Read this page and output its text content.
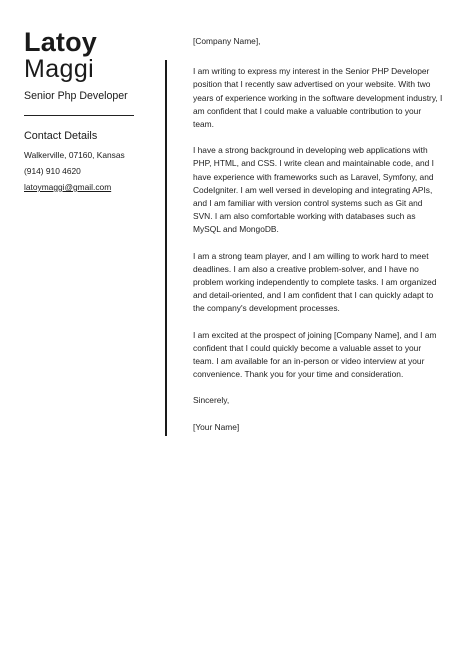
Latoy
Maggi
Senior Php Developer
Contact Details
Walkerville, 07160, Kansas
(914) 910 4620
latoymaggi@gmail.com

[Company Name],

I am writing to express my interest in the Senior PHP Developer position that I recently saw advertised on your website. With two years of experience working in the software development industry, I am confident that I could make a valuable contribution to your team.

I have a strong background in developing web applications with PHP, HTML, and CSS. I write clean and maintainable code, and I have experience with frameworks such as Laravel, Symfony, and CodeIgniter. I am well versed in developing and integrating APIs, and I am familiar with version control systems such as Git and SVN. I am also comfortable working with databases such as MySQL and MongoDB.

I am a strong team player, and I am willing to work hard to meet deadlines. I am also a creative problem-solver, and I have no problem working independently to complete tasks. I am organized and detail-oriented, and I am confident that I can quickly adapt to the company's development processes.

I am excited at the prospect of joining [Company Name], and I am confident that I could quickly become a valuable asset to your team. I am available for an in-person or video interview at your convenience. Thank you for your time and consideration.

Sincerely,

[Your Name]
